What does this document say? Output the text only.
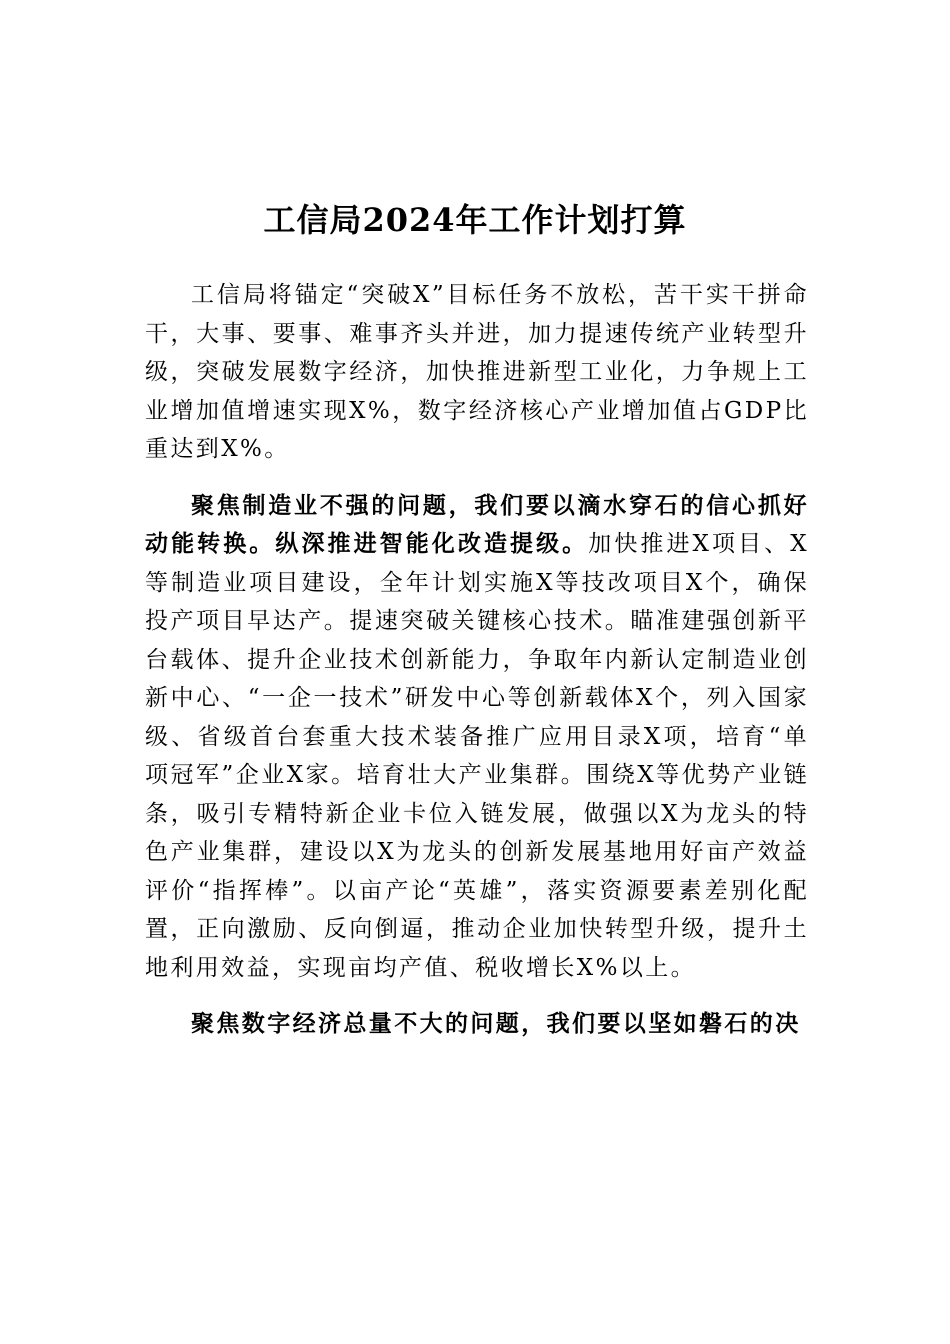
工信局2024年工作计划打算

工信局将锚定“突破X”目标任务不放松，苦干实干拼命干，大事、要事、难事齐头并进，加力提速传统产业转型升级，突破发展数字经济，加快推进新型工业化，力争规上工业增加值增速实现X%，数字经济核心产业增加值占GDP比重达到X%。

聚焦制造业不强的问题，我们要以滴水穿石的信心抓好动能转换。纵深推进智能化改造提级。加快推进X项目、X等制造业项目建设，全年计划实施X等技改项目X个，确保投产项目早达产。提速突破关键核心技术。瞄准建强创新平台载体、提升企业技术创新能力，争取年内新认定制造业创新中心、“一企一技术”研发中心等创新载体X个，列入国家级、省级首台套重大技术装备推广应用目录X项，培育“单项冠军”企业X家。培育壮大产业集群。围绕X等优势产业链条，吸引专精特新企业卡位入链发展，做强以X为龙头的特色产业集群，建设以X为龙头的创新发展基地用好亩产效益评价“指挥棒”。以亩产论“英雄”，落实资源要素差别化配置，正向激励、反向倒逼，推动企业加快转型升级，提升土地利用效益，实现亩均产值、税收增长X%以上。

聚焦数字经济总量不大的问题，我们要以坚如磐石的决
